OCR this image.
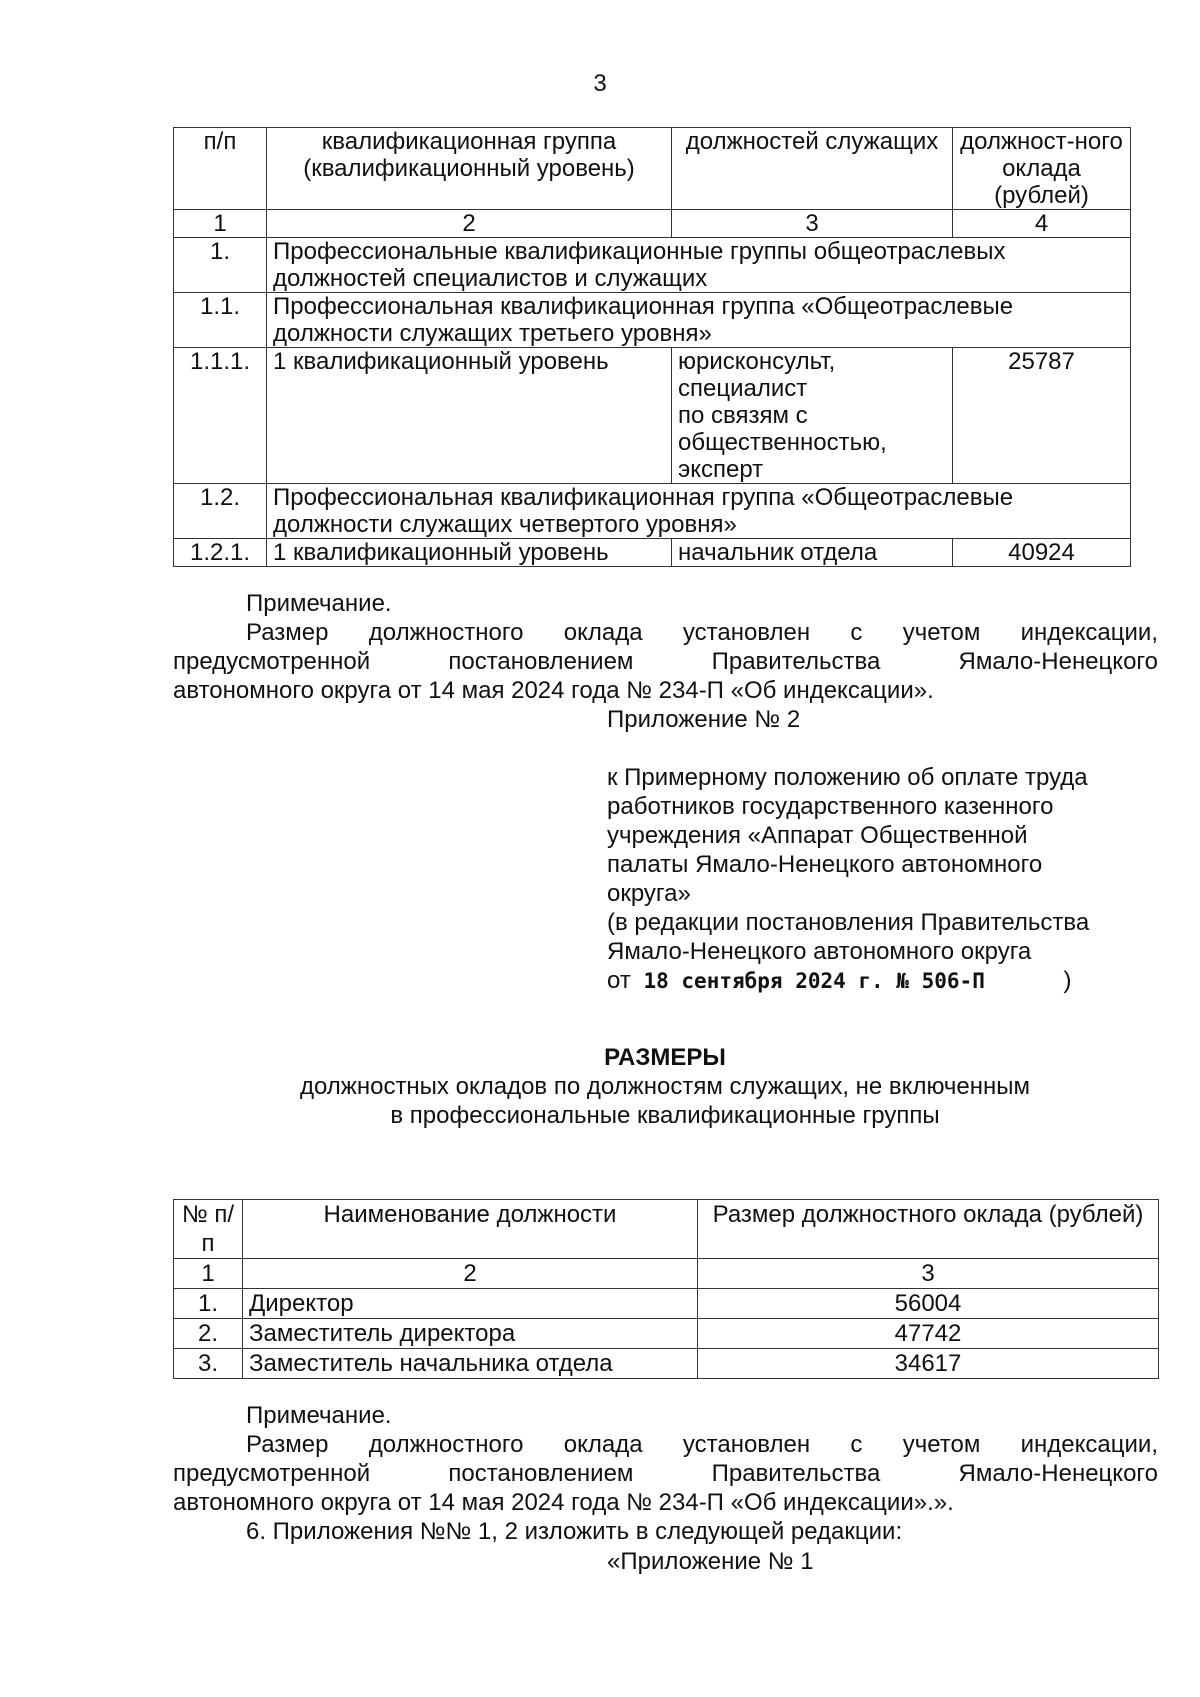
3
п/п	квалификационная группа (квалификационный уровень)	должностей служащих	должност-ного оклада (рублей)
1	2	3	4
1.	Профессиональные квалификационные группы общеотраслевых должностей специалистов и служащих		
1.1.	Профессиональная квалификационная группа «Общеотраслевые должности служащих третьего уровня»		
1.1.1.	1 квалификационный уровень	юрисконсульт,
специалист
по связям с
общественностью,
эксперт	25787
1.2.	Профессиональная квалификационная группа «Общеотраслевые должности служащих четвертого уровня»		
1.2.1.	1 квалификационный уровень	начальник отдела	40924
Примечание.
Размер должностного оклада установлен с учетом индексации,
предусмотренной постановлением Правительства Ямало-Ненецкого
автономного округа от 14 мая 2024 года № 234-П «Об индексации».
Приложение № 2

к Примерному положению об оплате труда

работников государственного казенного

учреждения «Аппарат Общественной

палаты Ямало-Ненецкого автономного

округа»

(в редакции постановления Правительства

Ямало-Ненецкого автономного округа

от 18 сентября 2024 г. № 506-П	)

РАЗМЕРЫ
должностных окладов по должностям служащих, не включенным
в профессиональные квалификационные группы
№ п/п	Наименование должности	Размер должностного оклада (рублей)
1	2	3
1.	Директор	56004
2.	Заместитель директора	47742
3.	Заместитель начальника отдела	34617
Примечание.
Размер должностного оклада установлен с учетом индексации,
предусмотренной постановлением Правительства Ямало-Ненецкого
автономного округа от 14 мая 2024 года № 234-П «Об индексации».».
6. Приложения №№ 1, 2 изложить в следующей редакции:
«Приложение № 1
